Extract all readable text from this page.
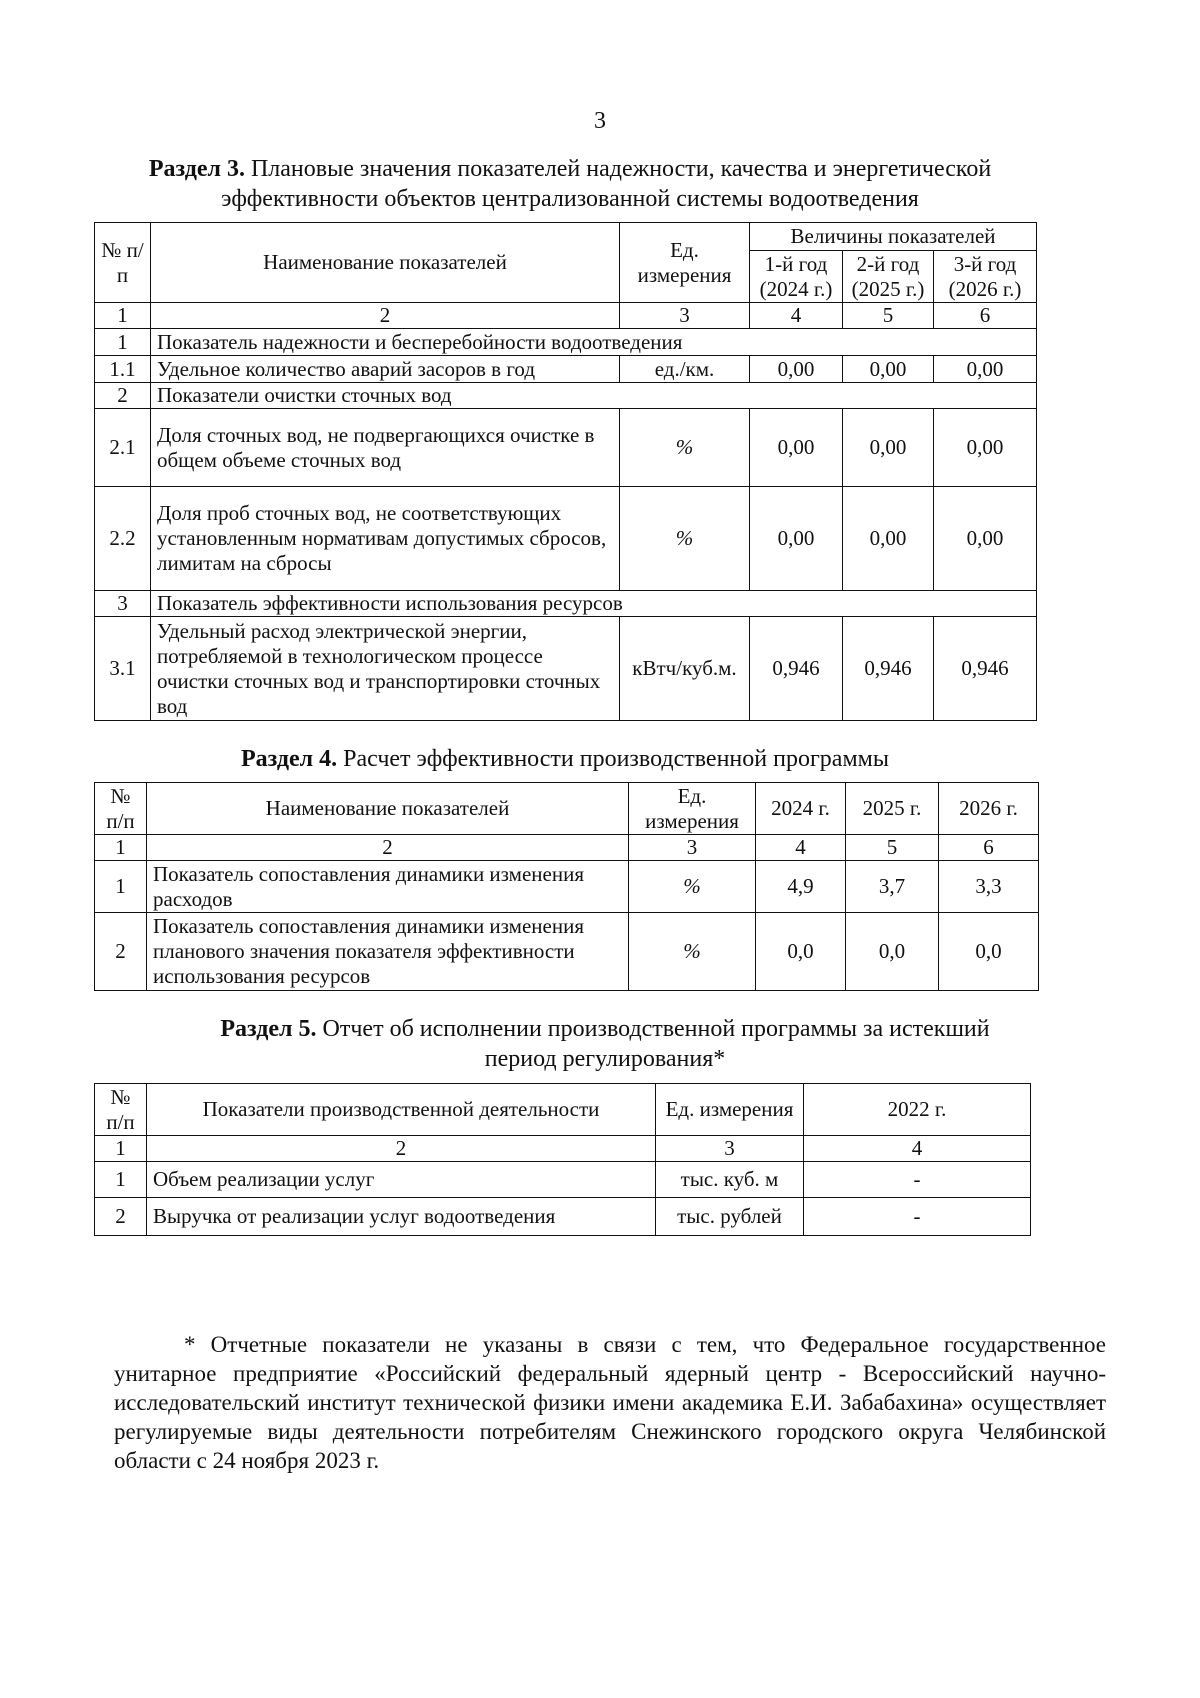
3
Раздел 3. Плановые значения показателей надежности, качества и энергетической эффективности объектов централизованной системы водоотведения
№ п/п	Наименование показателей	Ед. измерения	Величины показателей		
			1-й год (2024 г.)	2-й год (2025 г.)	3-й год (2026 г.)
1	2	3	4	5	6
1	Показатель надежности и бесперебойности водоотведения				
1.1	Удельное количество аварий засоров в год	ед./км.	0,00	0,00	0,00
2	Показатели очистки сточных вод				
2.1	Доля сточных вод, не подвергающихся очистке в общем объеме сточных вод	%	0,00	0,00	0,00
2.2	Доля проб сточных вод, не соответствующих установленным нормативам допустимых сбросов, лимитам на сбросы	%	0,00	0,00	0,00
3	Показатель эффективности использования ресурсов				
3.1	Удельный расход электрической энергии, потребляемой в технологическом процессе очистки сточных вод и транспортировки сточных вод	кВтч/куб.м.	0,946	0,946	0,946
Раздел 4. Расчет эффективности производственной программы
№ п/п	Наименование показателей	Ед. измерения	2024 г.	2025 г.	2026 г.
1	2	3	4	5	6
1	Показатель сопоставления динамики изменения расходов	%	4,9	3,7	3,3
2	Показатель сопоставления динамики изменения планового значения показателя эффективности использования ресурсов	%	0,0	0,0	0,0
Раздел 5. Отчет об исполнении производственной программы за истекший период регулирования*
№ п/п	Показатели производственной деятельности	Ед. измерения	2022 г.
1	2	3	4
1	Объем реализации услуг	тыс. куб. м	-
2	Выручка от реализации услуг водоотведения	тыс. рублей	-

* Отчетные показатели не указаны в связи с тем, что Федеральное государственное унитарное предприятие «Российский федеральный ядерный центр - Всероссийский научно-исследовательский институт технической физики имени академика Е.И. Забабахина» осуществляет регулируемые виды деятельности потребителям Снежинского городского округа Челябинской области с 24 ноября 2023 г.
